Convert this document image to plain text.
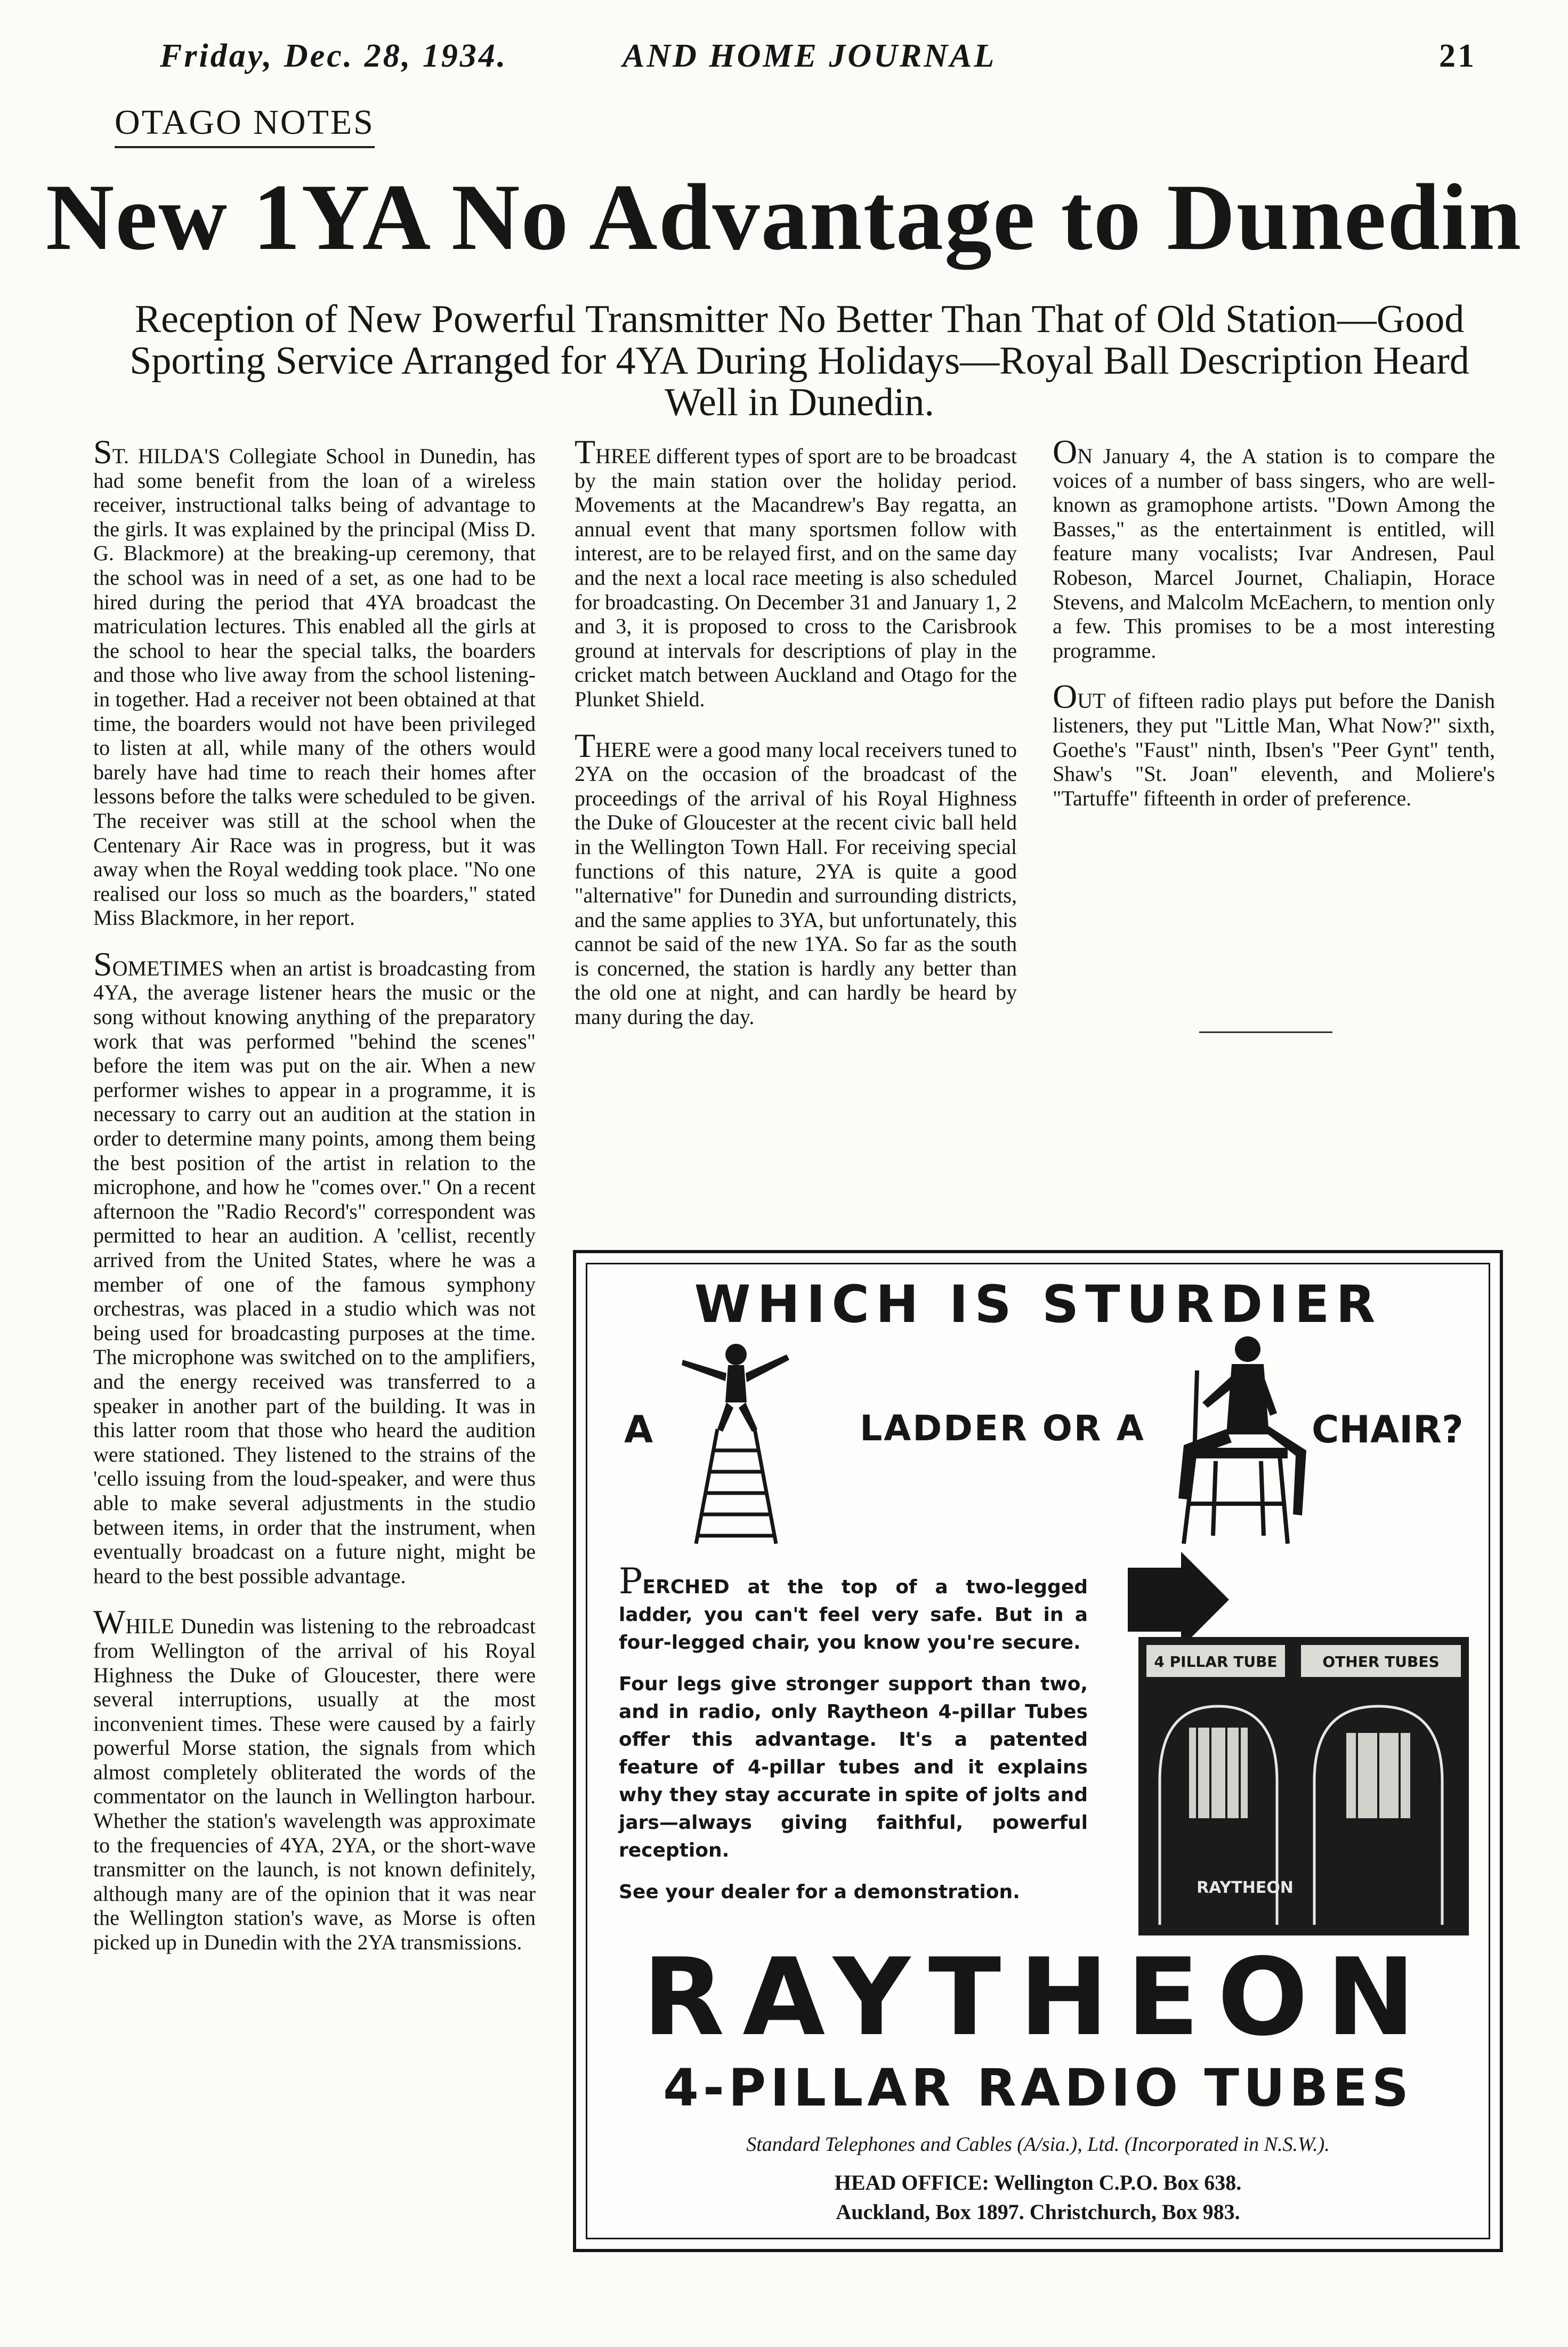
Friday, Dec. 28, 1934.	AND HOME JOURNAL	21
OTAGO NOTES
New 1YA No Advantage to Dunedin
Reception of New Powerful Transmitter No Better Than That of Old Station—Good Sporting Service Arranged for 4YA During Holidays—Royal Ball Description Heard Well in Dunedin.

ST. HILDA'S Collegiate School in Dunedin, has had some benefit from the loan of a wireless receiver, instructional talks being of advantage to the girls. It was explained by the principal (Miss D. G. Blackmore) at the breaking-up ceremony, that the school was in need of a set, as one had to be hired during the period that 4YA broadcast the matriculation lectures. This enabled all the girls at the school to hear the special talks, the boarders and those who live away from the school listening-in together. Had a receiver not been obtained at that time, the boarders would not have been privileged to listen at all, while many of the others would barely have had time to reach their homes after lessons before the talks were scheduled to be given. The receiver was still at the school when the Centenary Air Race was in progress, but it was away when the Royal wedding took place. "No one realised our loss so much as the boarders," stated Miss Blackmore, in her report.

SOMETIMES when an artist is broadcasting from 4YA, the average listener hears the music or the song without knowing anything of the preparatory work that was performed "behind the scenes" before the item was put on the air. When a new performer wishes to appear in a programme, it is necessary to carry out an audition at the station in order to determine many points, among them being the best position of the artist in relation to the microphone, and how he "comes over." On a recent afternoon the "Radio Record's" correspondent was permitted to hear an audition. A 'cellist, recently arrived from the United States, where he was a member of one of the famous symphony orchestras, was placed in a studio which was not being used for broadcasting purposes at the time. The microphone was switched on to the amplifiers, and the energy received was transferred to a speaker in another part of the building. It was in this latter room that those who heard the audition were stationed. They listened to the strains of the 'cello issuing from the loud-speaker, and were thus able to make several adjustments in the studio between items, in order that the instrument, when eventually broadcast on a future night, might be heard to the best possible advantage.

WHILE Dunedin was listening to the rebroadcast from Wellington of the arrival of his Royal Highness the Duke of Gloucester, there were several interruptions, usually at the most inconvenient times. These were caused by a fairly powerful Morse station, the signals from which almost completely obliterated the words of the commentator on the launch in Wellington harbour. Whether the station's wavelength was approximate to the frequencies of 4YA, 2YA, or the short-wave transmitter on the launch, is not known definitely, although many are of the opinion that it was near the Wellington station's wave, as Morse is often picked up in Dunedin with the 2YA transmissions.

THREE different types of sport are to be broadcast by the main station over the holiday period. Movements at the Macandrew's Bay regatta, an annual event that many sportsmen follow with interest, are to be relayed first, and on the same day and the next a local race meeting is also scheduled for broadcasting. On December 31 and January 1, 2 and 3, it is proposed to cross to the Carisbrook ground at intervals for descriptions of play in the cricket match between Auckland and Otago for the Plunket Shield.

THERE were a good many local receivers tuned to 2YA on the occasion of the broadcast of the proceedings of the arrival of his Royal Highness the Duke of Gloucester at the recent civic ball held in the Wellington Town Hall. For receiving special functions of this nature, 2YA is quite a good "alternative" for Dunedin and surrounding districts, and the same applies to 3YA, but unfortunately, this cannot be said of the new 1YA. So far as the south is concerned, the station is hardly any better than the old one at night, and can hardly be heard by many during the day.

ON January 4, the A station is to compare the voices of a number of bass singers, who are well-known as gramophone artists. "Down Among the Basses," as the entertainment is entitled, will feature many vocalists; Ivar Andresen, Paul Robeson, Marcel Journet, Chaliapin, Horace Stevens, and Malcolm McEachern, to mention only a few. This promises to be a most interesting programme.

OUT of fifteen radio plays put before the Danish listeners, they put "Little Man, What Now?" sixth, Goethe's "Faust" ninth, Ibsen's "Peer Gynt" tenth, Shaw's "St. Joan" eleventh, and Moliere's "Tartuffe" fifteenth in order of preference.

WHICH IS STURDIER
A	LADDER OR A	CHAIR?

PERCHED at the top of a two-legged ladder, you can't feel very safe. But in a four-legged chair, you know you're secure.

Four legs give stronger support than two, and in radio, only Raytheon 4-pillar Tubes offer this advantage. It's a patented feature of 4-pillar tubes and it explains why they stay accurate in spite of jolts and jars—always giving faithful, powerful reception.

See your dealer for a demonstration.

4 PILLAR TUBE	OTHER TUBES
RAYTHEON
RAYTHEON
4-PILLAR RADIO TUBES
Standard Telephones and Cables (A/sia.), Ltd. (Incorporated in N.S.W.).
HEAD OFFICE: Wellington C.P.O. Box 638.
Auckland, Box 1897. Christchurch, Box 983.
